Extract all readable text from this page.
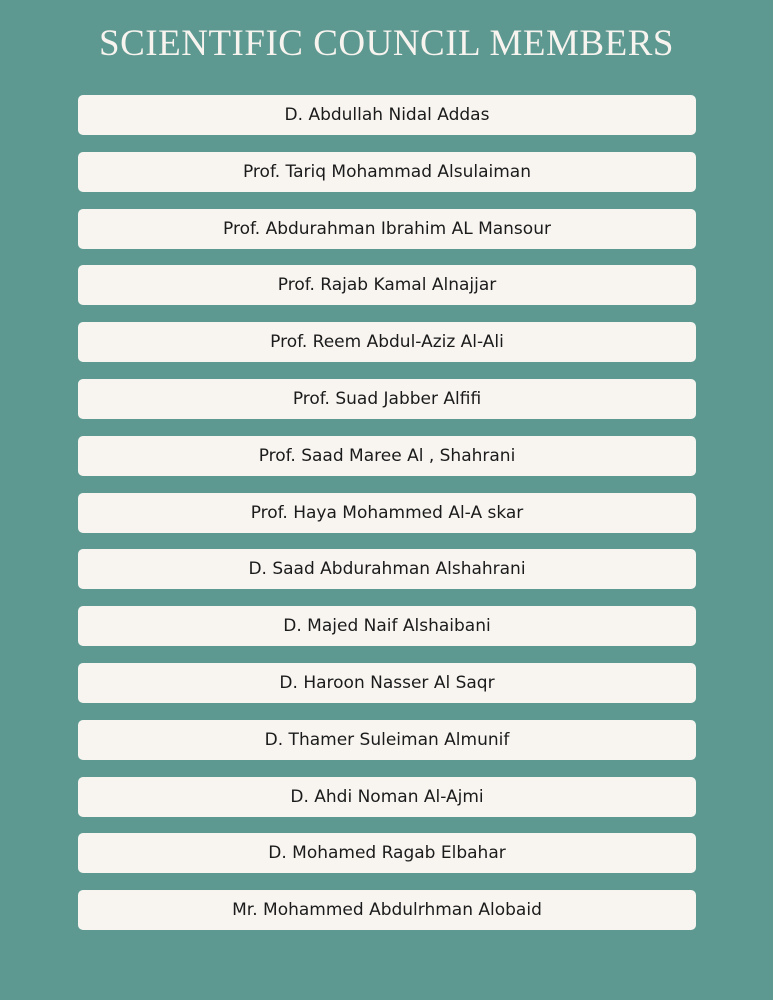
SCIENTIFIC COUNCIL MEMBERS
D. Abdullah Nidal Addas
Prof. Tariq Mohammad Alsulaiman
Prof. Abdurahman Ibrahim AL Mansour
Prof. Rajab Kamal Alnajjar
Prof. Reem Abdul-Aziz Al-Ali
Prof. Suad Jabber Alfifi
Prof. Saad Maree Al , Shahrani
Prof. Haya Mohammed Al-A skar
D. Saad Abdurahman Alshahrani
D. Majed Naif Alshaibani
D. Haroon Nasser Al Saqr
D. Thamer Suleiman Almunif
D. Ahdi Noman Al-Ajmi
D. Mohamed Ragab Elbahar
Mr. Mohammed Abdulrhman Alobaid
